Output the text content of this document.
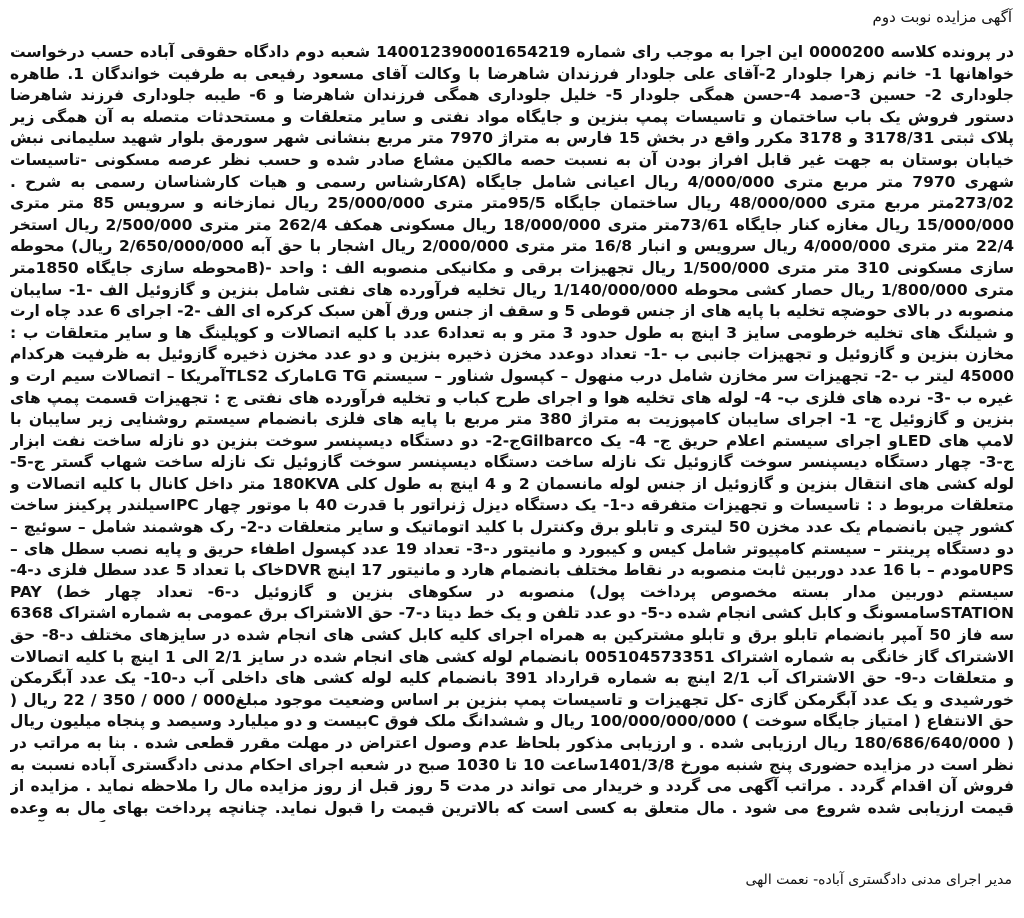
آگهی مزایده نوبت دوم

در پرونده کلاسه 0000200 این اجرا به موجب رای شماره 140012390001654219 شعبه دوم دادگاه حقوقی آباده حسب درخواست خواهانها 1- خانم زهرا جلودار 2-آقای علی جلودار فرزندان شاهرضا با وکالت آقای مسعود رفیعی به طرفیت خواندگان 1. طاهره جلوداری 2- حسین 3-صمد 4-حسن همگی جلودار 5- خلیل جلوداری همگی فرزندان شاهرضا و 6- طیبه جلوداری فرزند شاهرضا دستور فروش یک باب ساختمان و تاسیسات پمپ بنزین و جایگاه مواد نفتی و سایر متعلقات و مستحدثات متصله به آن همگی زیر پلاک ثبتی 3178/31 و 3178 مکرر واقع در بخش 15 فارس به متراژ 7970 متر مربع بنشانی شهر سورمق بلوار شهید سلیمانی نبش خیابان بوستان به جهت غیر قابل افراز بودن آن به نسبت حصه مالکین مشاع صادر شده و حسب نظر عرصه مسکونی -تاسیسات شهری 7970 متر مربع متری 4/000/000 ریال اعیانی شامل جایگاه (Aکارشناس رسمی و هیات کارشناسان رسمی به شرح . 273/02متر مربع متری 48/000/000 ریال ساختمان جایگاه 95/5متر متری 25/000/000 ریال نمازخانه و سرویس 85 متر متری 15/000/000 ریال مغازه کنار جایگاه 73/61متر متری 18/000/000 ریال مسکونی همکف 262/4 متر متری 2/500/000 ریال استخر 22/4 متر متری 4/000/000 ریال سرویس و انبار 16/8 متر متری 2/000/000 ریال اشجار با حق آبه 2/650/000/000 ریال) محوطه سازی مسکونی 310 متر متری 1/500/000 ریال تجهیزات برقی و مکانیکی منصوبه الف : واحد -(Bمحوطه سازی جایگاه 1850متر متری 1/800/000 ریال حصار کشی محوطه 1/140/000/000 ریال تخلیه فرآورده های نفتی شامل بنزین و گازوئیل الف -1- سایبان منصوبه در بالای حوضچه تخلیه با پایه های از جنس قوطی 5 و سقف از جنس ورق آهن سبک کرکره ای الف -2- اجرای 6 عدد چاه ارت و شیلنگ های تخلیه خرطومی سایز 3 اینچ به طول حدود 3 متر و به تعداد6 عدد با کلیه اتصالات و کوپلینگ ها و سایر متعلقات ب : مخازن بنزین و گازوئیل و تجهیزات جانبی ب -1- تعداد دوعدد مخزن ذخیره بنزین و دو عدد مخزن ذخیره گازوئیل به ظرفیت هرکدام 45000 لیتر ب -2- تجهیزات سر مخازن شامل درب منهول – کپسول شناور – سیستم LG TGمارک TLS2آمریکا – اتصالات سیم ارت و غیره ب -3- نرده های فلزی ب- 4- لوله های تخلیه هوا و اجرای طرح کباب و تخلیه فرآورده های نفتی ج : تجهیزات قسمت پمپ های بنزین و گازوئیل ج- 1- اجرای سایبان کامپوزیت به متراژ 380 متر مربع با پایه های فلزی بانضمام سیستم روشنایی زیر سایبان با لامپ های LEDو اجرای سیستم اعلام حریق ج- 4- یک Gilbarcoج-2- دو دستگاه دیسپنسر سوخت بنزین دو نازله ساخت نفت ابزار ج-3- چهار دستگاه دیسپنسر سوخت گازوئیل تک نازله ساخت دستگاه دیسپنسر سوخت گازوئیل تک نازله ساخت شهاب گستر ج-5- لوله کشی های انتقال بنزین و گازوئیل از جنس لوله مانسمان 2 و 4 اینچ به طول کلی 180KVA متر داخل کانال با کلیه اتصالات و متعلقات مربوط د : تاسیسات و تجهیزات متفرقه د-1- یک دستگاه دیزل ژنراتور با قدرت 40 با موتور چهار IPCسیلندر پرکینز ساخت کشور چین بانضمام یک عدد مخزن 50 لیتری و تابلو برق وکنترل با کلید اتوماتیک و سایر متعلقات د-2- رک هوشمند شامل – سوئیچ – دو دستگاه پرینتر – سیستم کامپیوتر شامل کیس و کیبورد و مانیتور د-3- تعداد 19 عدد کپسول اطفاء حریق و پایه نصب سطل های – UPSمودم – با 16 عدد دوربین ثابت منصوبه در نقاط مختلف بانضمام هارد و مانیتور 17 اینچ DVRخاک با تعداد 5 عدد سطل فلزی د-4- سیستم دوربین مدار بسته مخصوص پرداخت پول) منصوبه در سکوهای بنزین و گازوئیل د-6- تعداد چهار خط) PAY STATIONسامسونگ و کابل کشی انجام شده د-5- دو عدد تلفن و یک خط دیتا د-7- حق الاشتراک برق عمومی به شماره اشتراک 6368 سه فاز 50 آمپر بانضمام تابلو برق و تابلو مشترکین به همراه اجرای کلیه کابل کشی های انجام شده در سایزهای مختلف د-8- حق الاشتراک گاز خانگی به شماره اشتراک 005104573351 بانضمام لوله کشی های انجام شده در سایز 2/1 الی 1 اینچ با کلیه اتصالات و متعلقات د-9- حق الاشتراک آب 2/1 اینچ به شماره قرارداد 391 بانضمام کلیه لوله کشی های داخلی آب د-10- یک عدد آبگرمکن خورشیدی و یک عدد آبگرمکن گازی -کل تجهیزات و تاسیسات پمپ بنزین بر اساس وضعیت موجود مبلغ000 / 000 / 350 / 22 ریال ( حق الانتفاع ( امتیاز جایگاه سوخت ) 100/000/000/000 ریال و ششدانگ ملک فوق Cبیست و دو میلیارد وسیصد و پنجاه میلیون ریال ( 180/686/640/000 ریال ارزیابی شده . و ارزیابی مذکور بلحاظ عدم وصول اعتراض در مهلت مقرر قطعی شده . بنا به مراتب در نظر است در مزایده حضوری پنج شنبه مورخ 1401/3/8ساعت 10 تا 1030 صبح در شعبه اجرای احکام مدنی دادگستری آباده نسبت به فروش آن اقدام گردد . مراتب آگهی می گردد و خریدار می تواند در مدت 5 روز قبل از روز مزایده مال را ملاحظه نماید . مزایده از قیمت ارزیابی شده شروع می شود . مال متعلق به کسی است که بالاترین قیمت را قبول نماید. چنانچه پرداخت بهای مال به وعده

مدیر اجرای مدنی دادگستری آباده- نعمت الهی
